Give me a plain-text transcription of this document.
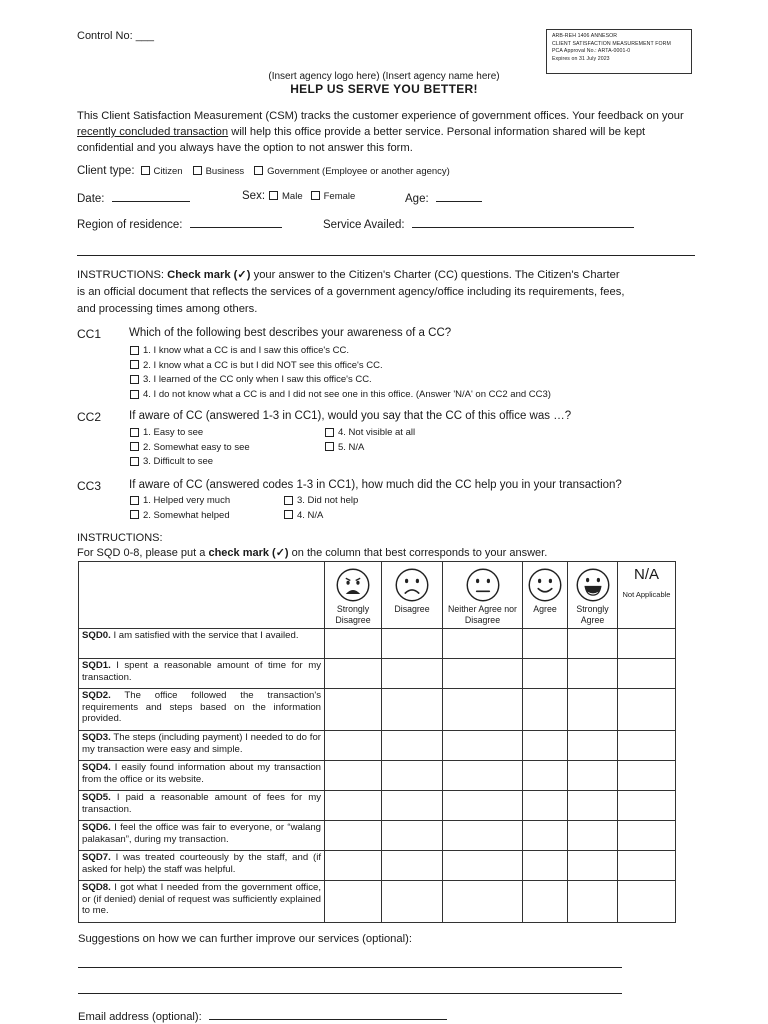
Control No: ___	ARB-REH 1406 ANNESOR
CLIENT SATISFACTION MEASUREMENT FORM
PCA Approval No.: ARTA-0001-0
Expires on 31 July 2023
(Insert agency logo here) (Insert agency name here)
HELP US SERVE YOU BETTER!
This Client Satisfaction Measurement (CSM) tracks the customer experience of government offices. Your feedback on your recently concluded transaction will help this office provide a better service. Personal information shared will be kept confidential and you always have the option to not answer this form.
Client type: Citizen Business Government (Employee or another agency)
Date:	Sex: Male Female	Age:
Region of residence:	Service Availed:
INSTRUCTIONS: Check mark (✓) your answer to the Citizen's Charter (CC) questions. The Citizen's Charter
is an official document that reflects the services of a government agency/office including its requirements, fees,
and processing times among others.
CC1 Which of the following best describes your awareness of a CC?
1. I know what a CC is and I saw this office's CC.
2. I know what a CC is but I did NOT see this office's CC.
3. I learned of the CC only when I saw this office's CC.
4. I do not know what a CC is and I did not see one in this office. (Answer 'N/A' on CC2 and CC3)
CC2 If aware of CC (answered 1-3 in CC1), would you say that the CC of this office was …?
1. Easy to see
2. Somewhat easy to see
3. Difficult to see
4. Not visible at all
5. N/A
CC3 If aware of CC (answered codes 1-3 in CC1), how much did the CC help you in your transaction?
1. Helped very much
2. Somewhat helped
3. Did not help
4. N/A
INSTRUCTIONS:
For SQD 0-8, please put a check mark (✓) on the column that best corresponds to your answer.

Strongly Disagree	Disagree	Neither Agree nor Disagree	Agree	Strongly Agree	N/A
Not Applicable

SQD0. I am satisfied with the service that I availed.						

SQD1. I spent a reasonable amount of time for my transaction.						

SQD2. The office followed the transaction's requirements and steps based on the information provided.						

SQD3. The steps (including payment) I needed to do for my transaction were easy and simple.						

SQD4. I easily found information about my transaction from the office or its website.						

SQD5. I paid a reasonable amount of fees for my transaction.						

SQD6. I feel the office was fair to everyone, or “walang palakasan”, during my transaction.						

SQD7. I was treated courteously by the staff, and (if asked for help) the staff was helpful.						

SQD8. I got what I needed from the government office, or (if denied) denial of request was sufficiently explained to me.						

Suggestions on how we can further improve our services (optional):
Email address (optional):
